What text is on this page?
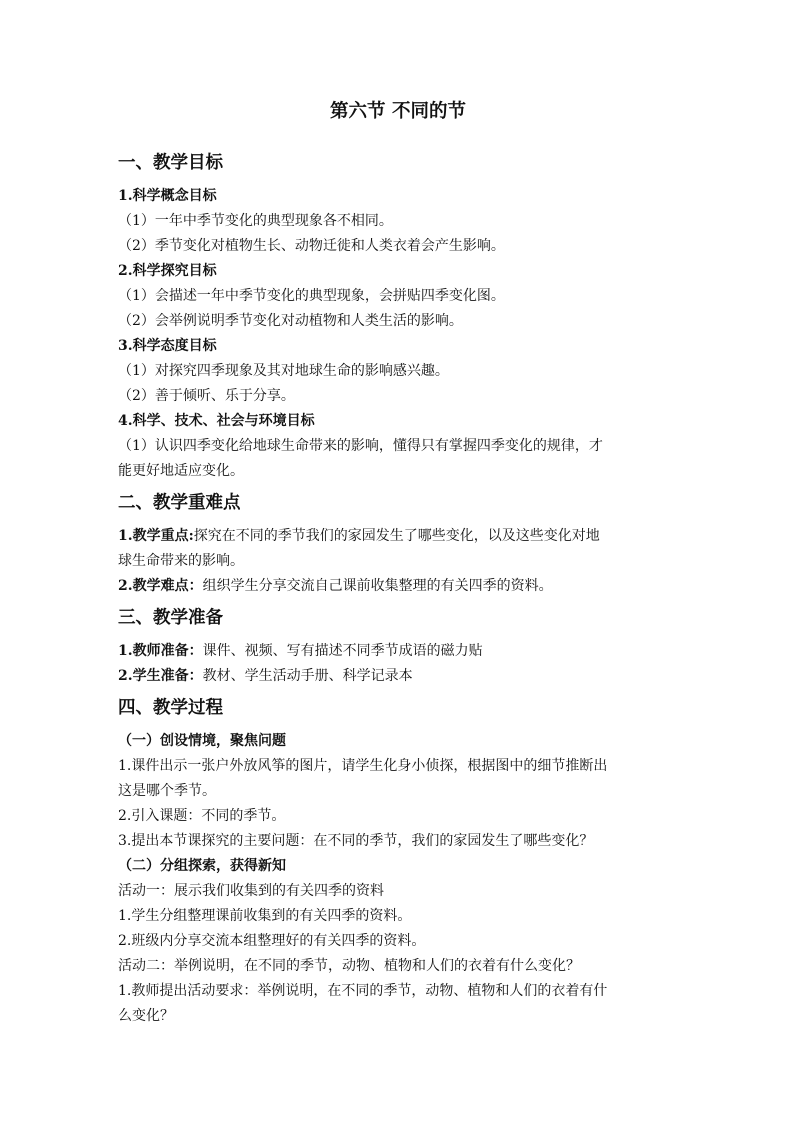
第六节 不同的节
一、教学目标

1.科学概念目标

（1）一年中季节变化的典型现象各不相同。

（2）季节变化对植物生长、动物迁徙和人类衣着会产生影响。

2.科学探究目标

（1）会描述一年中季节变化的典型现象，会拼贴四季变化图。

（2）会举例说明季节变化对动植物和人类生活的影响。

3.科学态度目标

（1）对探究四季现象及其对地球生命的影响感兴趣。

（2）善于倾听、乐于分享。

4.科学、技术、社会与环境目标

（1）认识四季变化给地球生命带来的影响，懂得只有掌握四季变化的规律，才

能更好地适应变化。

二、教学重难点

1.教学重点:探究在不同的季节我们的家园发生了哪些变化，以及这些变化对地

球生命带来的影响。

2.教学难点：组织学生分享交流自己课前收集整理的有关四季的资料。

三、教学准备

1.教师准备：课件、视频、写有描述不同季节成语的磁力贴

2.学生准备：教材、学生活动手册、科学记录本

四、教学过程

（一）创设情境，聚焦问题

1.课件出示一张户外放风筝的图片，请学生化身小侦探，根据图中的细节推断出

这是哪个季节。

2.引入课题：不同的季节。

3.提出本节课探究的主要问题：在不同的季节，我们的家园发生了哪些变化？

（二）分组探索，获得新知

活动一：展示我们收集到的有关四季的资料

1.学生分组整理课前收集到的有关四季的资料。

2.班级内分享交流本组整理好的有关四季的资料。

活动二：举例说明，在不同的季节，动物、植物和人们的衣着有什么变化？

1.教师提出活动要求：举例说明，在不同的季节，动物、植物和人们的衣着有什

么变化？
